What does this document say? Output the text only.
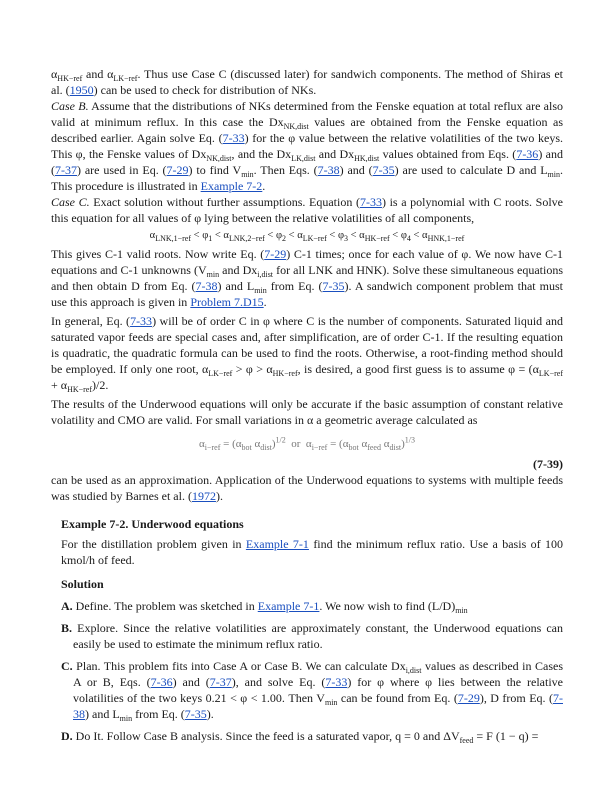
$\alpha_{HK-ref}$ and $\alpha_{LK-ref}$. Thus use Case C (discussed later) for sandwich components. The method of Shiras et al. (1950) can be used to check for distribution of NKs.

Case B. Assume that the distributions of NKs determined from the Fenske equation at total reflux are also valid at minimum reflux. In this case the $Dx_{NK,dist}$ values are obtained from the Fenske equation as described earlier. Again solve Eq. (7-33) for the φ value between the relative volatilities of the two keys. This φ, the Fenske values of $Dx_{NK,dist}$, and the $Dx_{LK,dist}$ and $Dx_{HK,dist}$ values obtained from Eqs. (7-36) and (7-37) are used in Eq. (7-29) to find $V_{min}$. Then Eqs. (7-38) and (7-35) are used to calculate D and $L_{min}$. This procedure is illustrated in Example 7-2.

Case C. Exact solution without further assumptions. Equation (7-33) is a polynomial with C roots. Solve this equation for all values of φ lying between the relative volatilities of all components,

$\alpha_{LNK,1-ref} < \varphi_1 < \alpha_{LNK,2-ref} < \varphi_2 < \alpha_{LK-ref} < \varphi_3 < \alpha_{HK-ref} < \varphi_4 < \alpha_{HNK,1-ref}$

This gives C-1 valid roots. Now write Eq. (7-29) C-1 times; once for each value of φ. We now have C-1 equations and C-1 unknowns ($V_{min}$ and $Dx_{i,dist}$ for all LNK and HNK). Solve these simultaneous equations and then obtain D from Eq. (7-38) and $L_{min}$ from Eq. (7-35). A sandwich component problem that must use this approach is given in Problem 7.D15.

In general, Eq. (7-33) will be of order C in φ where C is the number of components. Saturated liquid and saturated vapor feeds are special cases and, after simplification, are of order C-1. If the resulting equation is quadratic, the quadratic formula can be used to find the roots. Otherwise, a root-finding method should be employed. If only one root, $\alpha_{LK-ref} > \varphi > \alpha_{HK-ref}$, is desired, a good first guess is to assume $\varphi = (\alpha_{LK-ref} + \alpha_{HK-ref})/2$.

The results of the Underwood equations will only be accurate if the basic assumption of constant relative volatility and CMO are valid. For small variations in α a geometric average calculated as

$\alpha_{i-ref} = (\alpha_{bot}$ $\alpha_{dist})^{1/2}$  or  $\alpha_{i-ref} = (\alpha_{bot}$ $\alpha_{feed}$ $\alpha_{dist})^{1/3}$
(7-39)

can be used as an approximation. Application of the Underwood equations to systems with multiple feeds was studied by Barnes et al. (1972).

Example 7-2. Underwood equations

For the distillation problem given in Example 7-1 find the minimum reflux ratio. Use a basis of 100 kmol/h of feed.

Solution

A. Define. The problem was sketched in Example 7-1. We now wish to find $(L/D)_{min}$

B. Explore. Since the relative volatilities are approximately constant, the Underwood equations can easily be used to estimate the minimum reflux ratio.

C. Plan. This problem fits into Case A or Case B. We can calculate $Dx_{i,dist}$ values as described in Cases A or B, Eqs. (7-36) and (7-37), and solve Eq. (7-33) for φ where φ lies between the relative volatilities of the two keys 0.21 < φ < 1.00. Then $V_{min}$ can be found from Eq. (7-29), D from Eq. (7-38) and $L_{min}$ from Eq. (7-35).

D. Do It. Follow Case B analysis. Since the feed is a saturated vapor, q = 0 and $\Delta V_{feed} = F$ (1 − q) =
